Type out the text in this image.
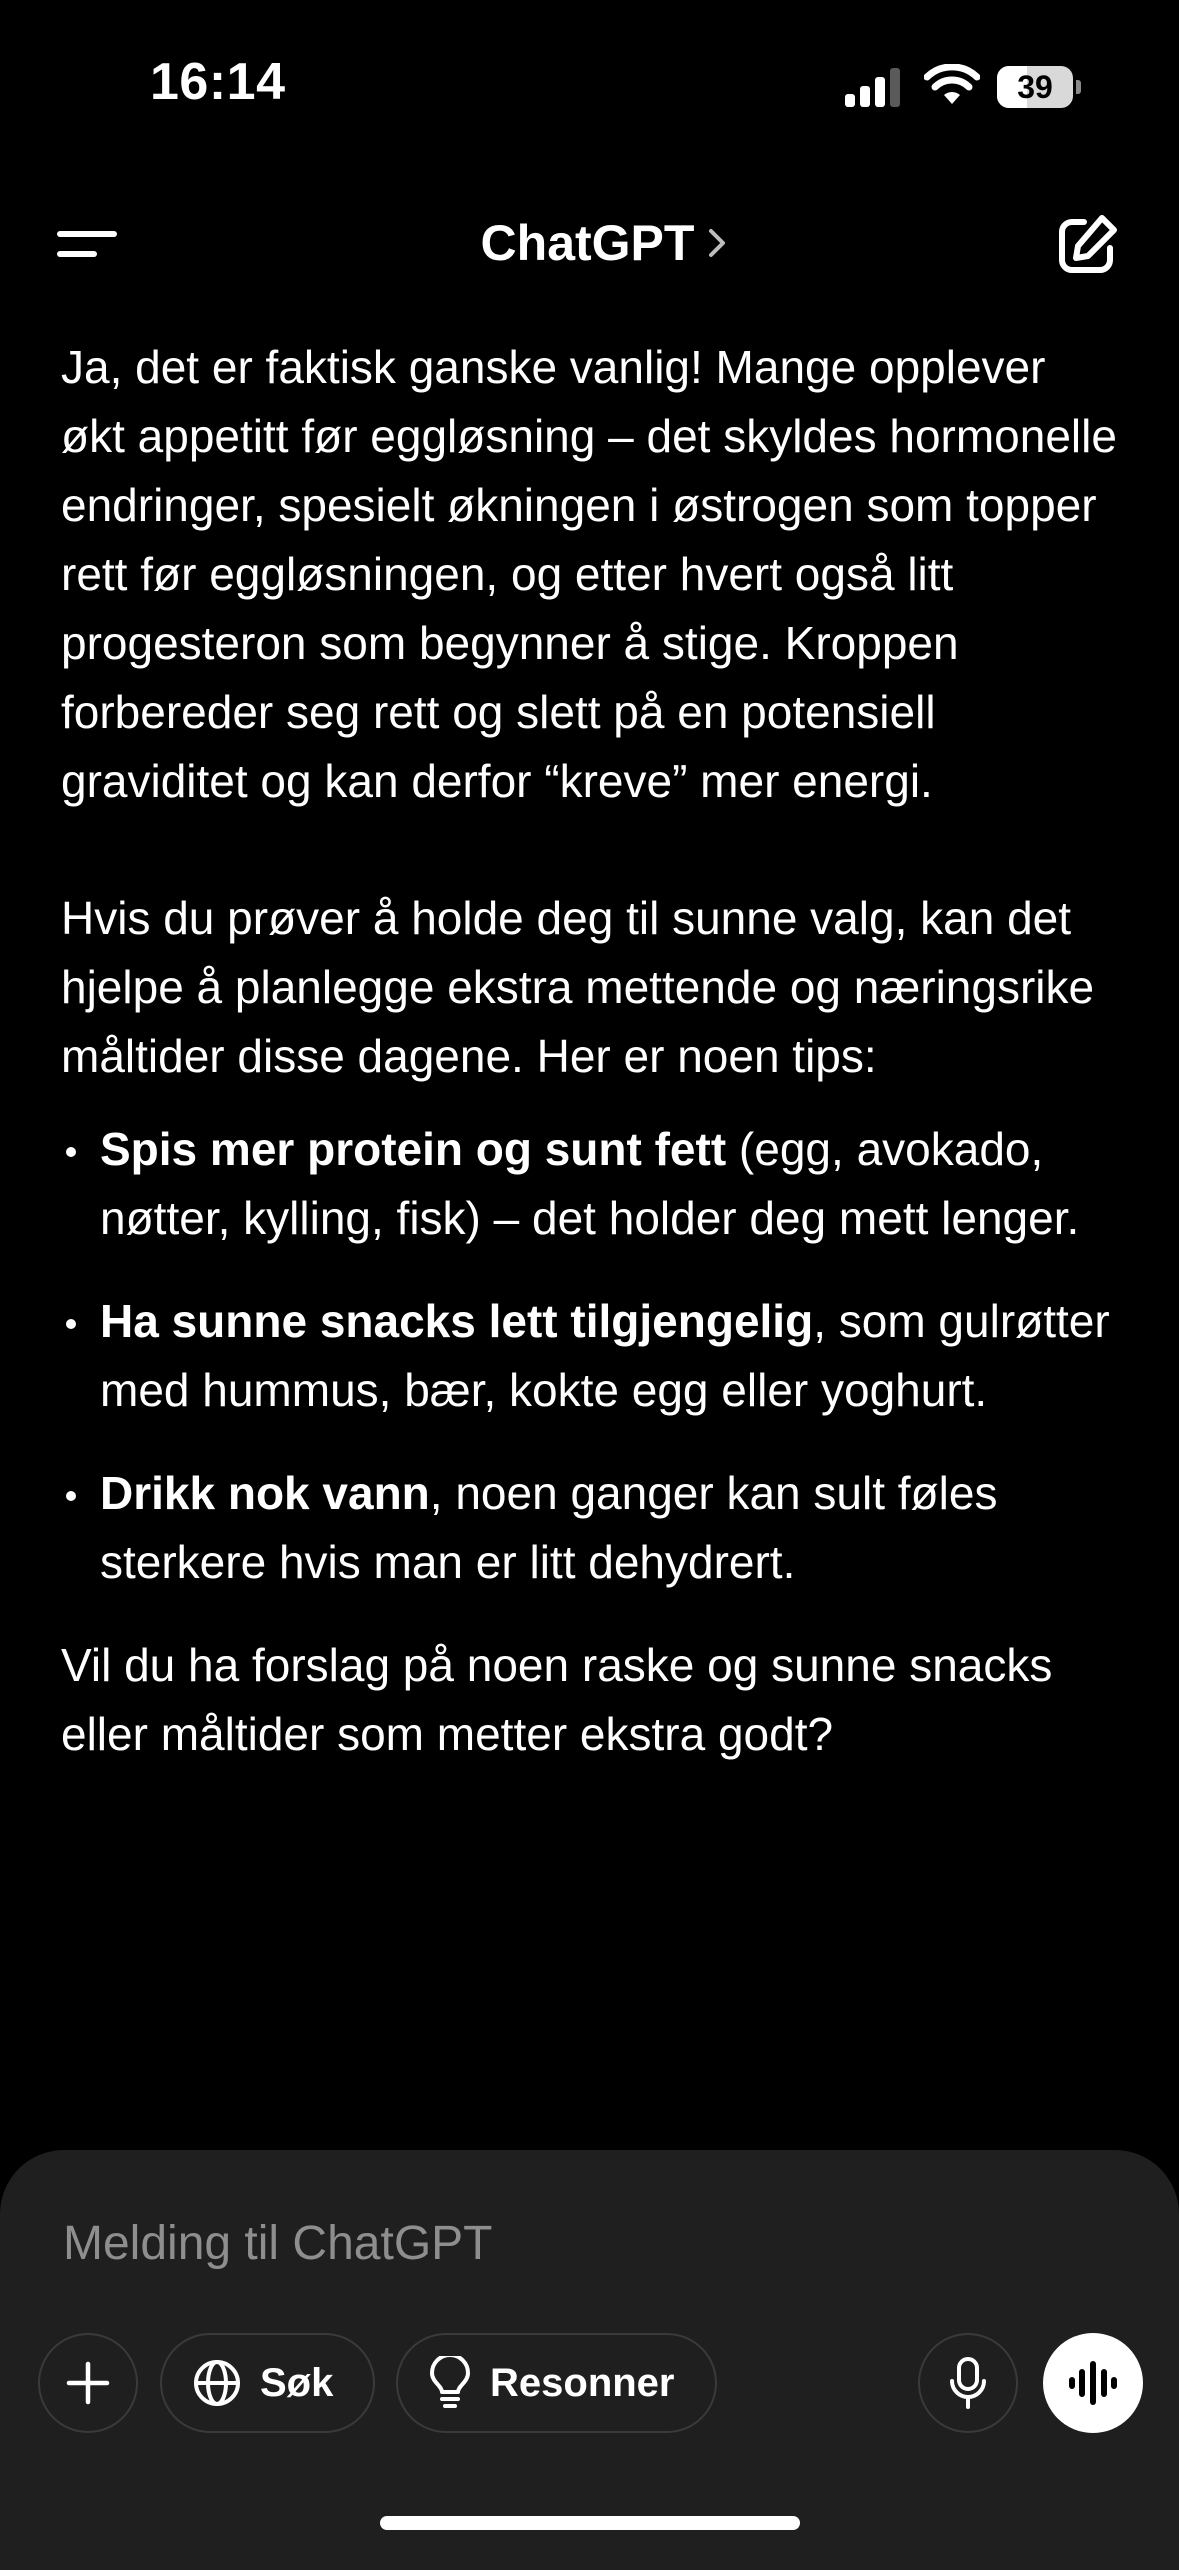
16:14	39
ChatGPT

Ja, det er faktisk ganske vanlig! Mange opplever økt appetitt før eggløsning – det skyldes hormonelle endringer, spesielt økningen i østrogen som topper rett før eggløsningen, og etter hvert også litt progesteron som begynner å stige. Kroppen forbereder seg rett og slett på en potensiell graviditet og kan derfor “kreve” mer energi.

Hvis du prøver å holde deg til sunne valg, kan det hjelpe å planlegge ekstra mettende og næringsrike måltider disse dagene. Her er noen tips:

Spis mer protein og sunt fett (egg, avokado, nøtter, kylling, fisk) – det holder deg mett lenger.
Ha sunne snacks lett tilgjengelig, som gulrøtter med hummus, bær, kokte egg eller yoghurt.
Drikk nok vann, noen ganger kan sult føles sterkere hvis man er litt dehydrert.

Vil du ha forslag på noen raske og sunne snacks eller måltider som metter ekstra godt?

Melding til ChatGPT
Søk	Resonner
